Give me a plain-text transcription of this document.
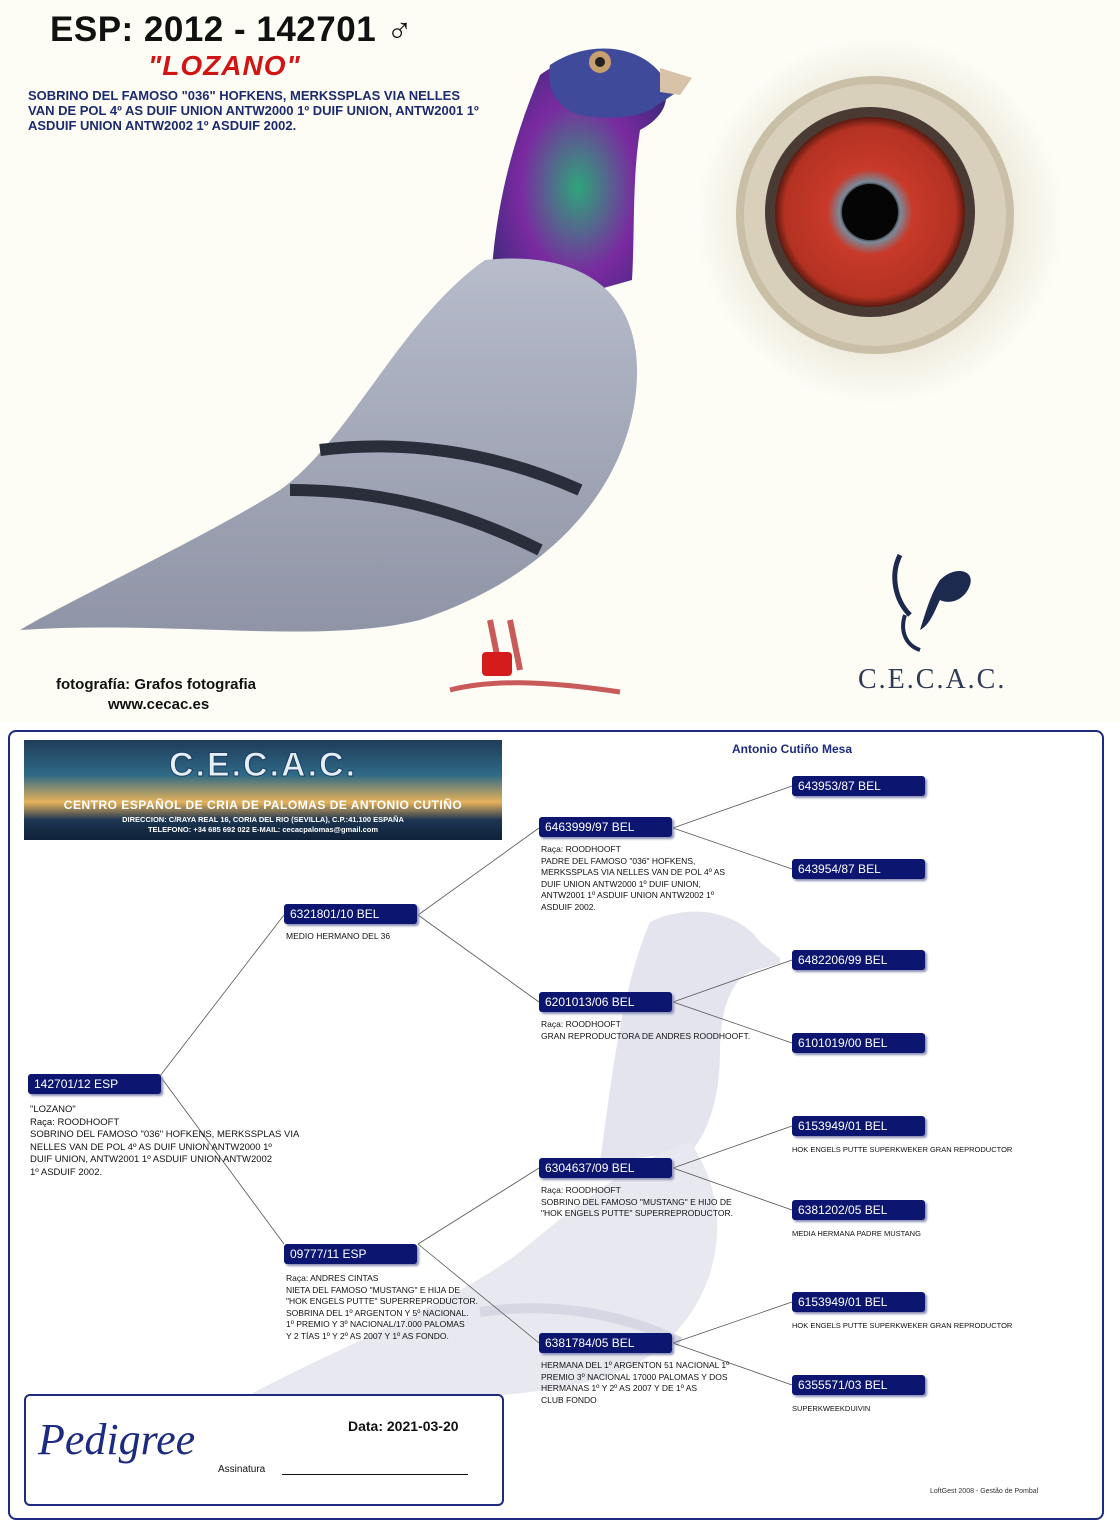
ESP: 2012 - 142701 ♂
"LOZANO"
SOBRINO DEL FAMOSO "036" HOFKENS, MERKSSPLAS VIA NELLES VAN DE POL 4º AS DUIF UNION ANTW2000 1º DUIF UNION, ANTW2001 1º ASDUIF UNION ANTW2002 1º ASDUIF 2002.
C.E.C.A.C.
fotografía: Grafos fotografia
www.cecac.es
Antonio Cutiño Mesa
C.E.C.A.C.
CENTRO ESPAÑOL DE CRIA DE PALOMAS DE ANTONIO CUTIÑO
DIRECCION: C/RAYA REAL 16, CORIA DEL RIO (SEVILLA), C.P.:41.100 ESPAÑA
TELEFONO: +34 685 692 022 E-MAIL: cecacpalomas@gmail.com
142701/12 ESP
"LOZANO"
Raça: ROODHOOFT
SOBRINO DEL FAMOSO "036" HOFKENS, MERKSSPLAS VIA
NELLES VAN DE POL 4º AS DUIF UNION ANTW2000 1º
DUIF UNION, ANTW2001 1º ASDUIF UNION ANTW2002
1º ASDUIF 2002.
6321801/10 BEL
MEDIO HERMANO DEL 36
09777/11 ESP
Raça: ANDRES CINTAS
NIETA DEL FAMOSO "MUSTANG" E HIJA DE
"HOK ENGELS PUTTE" SUPERREPRODUCTOR.
SOBRINA DEL 1º ARGENTON Y 5º NACIONAL.
1º PREMIO Y 3º NACIONAL/17.000 PALOMAS
Y 2 TÍAS 1º Y 2º AS 2007 Y 1º AS FONDO.
6463999/97 BEL
Raça: ROODHOOFT
PADRE DEL FAMOSO "036" HOFKENS,
MERKSSPLAS VIA NELLES VAN DE POL 4º AS
DUIF UNION ANTW2000 1º DUIF UNION,
ANTW2001 1º ASDUIF UNION ANTW2002 1º
ASDUIF 2002.
6201013/06 BEL
Raça: ROODHOOFT
GRAN REPRODUCTORA DE ANDRES ROODHOOFT.
6304637/09 BEL
Raça: ROODHOOFT
SOBRINO DEL FAMOSO "MUSTANG" E HIJO DE
"HOK ENGELS PUTTE" SUPERREPRODUCTOR.
6381784/05 BEL
HERMANA DEL 1º ARGENTON 51 NACIONAL 1º
PREMIO 3º NACIONAL 17000 PALOMAS Y DOS
HERMANAS 1º Y 2º AS 2007 Y DE 1º AS
CLUB FONDO
643953/87 BEL
643954/87 BEL
6482206/99 BEL
6101019/00 BEL
6153949/01 BEL
HOK ENGELS PUTTE SUPERKWEKER GRAN REPRODUCTOR
6381202/05 BEL
MEDIA HERMANA PADRE MUSTANG
6153949/01 BEL
HOK ENGELS PUTTE SUPERKWEKER GRAN REPRODUCTOR
6355571/03 BEL
SUPERKWEEKDUIVIN
Pedigree	Data: 2021-03-20
Assinatura
LoftGest 2008 - Gestão de Pombal
